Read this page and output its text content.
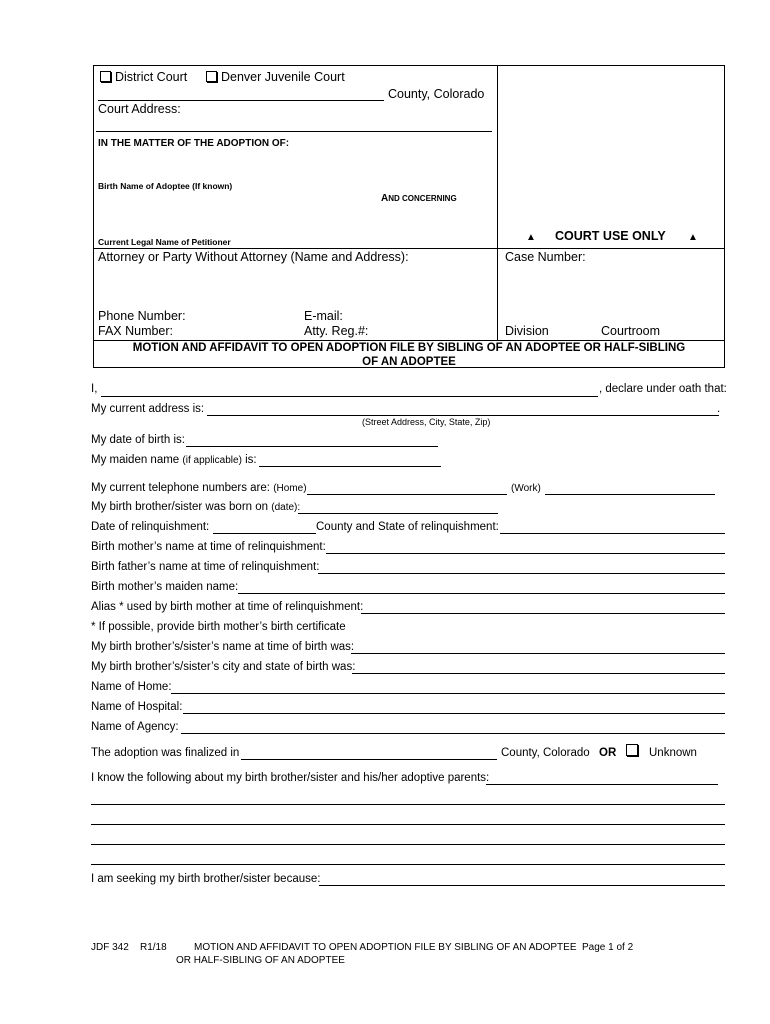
District Court	Denver Juvenile Court
County, Colorado
Court Address:
IN THE MATTER OF THE ADOPTION OF:
Birth Name of Adoptee (If known)
AND CONCERNING
Current Legal Name of Petitioner	▲ COURT USE ONLY ▲
Attorney or Party Without Attorney (Name and Address):	Case Number:
Phone Number:	E-mail:
FAX Number:	Atty. Reg.#:	Division	Courtroom
MOTION AND AFFIDAVIT TO OPEN ADOPTION FILE BY SIBLING OF AN ADOPTEE OR HALF-SIBLING
OF AN ADOPTEE
I,	, declare under oath that:
My current address is:	.
(Street Address, City, State, Zip)
My date of birth is:
My maiden name (if applicable) is:
My current telephone numbers are: (Home)	(Work)
My birth brother/sister was born on (date):
Date of relinquishment:	County and State of relinquishment:
Birth mother’s name at time of relinquishment:
Birth father’s name at time of relinquishment:
Birth mother’s maiden name:
Alias * used by birth mother at time of relinquishment:
* If possible, provide birth mother’s birth certificate
My birth brother’s/sister’s name at time of birth was:
My birth brother’s/sister’s city and state of birth was:
Name of Home:
Name of Hospital:
Name of Agency:
The adoption was finalized in	County, Colorado OR	Unknown
I know the following about my birth brother/sister and his/her adoptive parents:
I am seeking my birth brother/sister because:
JDF 342 R1/18	MOTION AND AFFIDAVIT TO OPEN ADOPTION FILE BY SIBLING OF AN ADOPTEE
OR HALF-SIBLING OF AN ADOPTEE
Page 1 of 2
